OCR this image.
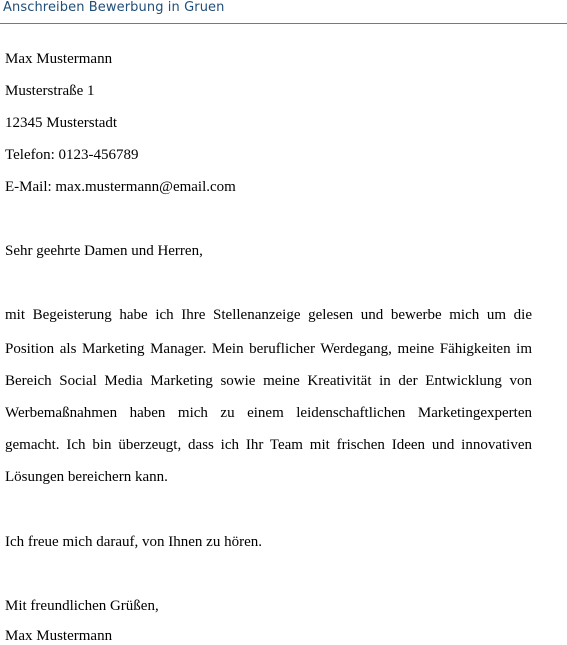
Anschreiben Bewerbung in Gruen
Max Mustermann
Musterstraße 1
12345 Musterstadt
Telefon: 0123-456789
E-Mail: max.mustermann@email.com
Sehr geehrte Damen und Herren,
mit Begeisterung habe ich Ihre Stellenanzeige gelesen und bewerbe mich um die
Position als Marketing Manager. Mein beruflicher Werdegang, meine Fähigkeiten im
Bereich Social Media Marketing sowie meine Kreativität in der Entwicklung von
Werbemaßnahmen haben mich zu einem leidenschaftlichen Marketingexperten
gemacht. Ich bin überzeugt, dass ich Ihr Team mit frischen Ideen und innovativen
Lösungen bereichern kann.
Ich freue mich darauf, von Ihnen zu hören.
Mit freundlichen Grüßen,
Max Mustermann
